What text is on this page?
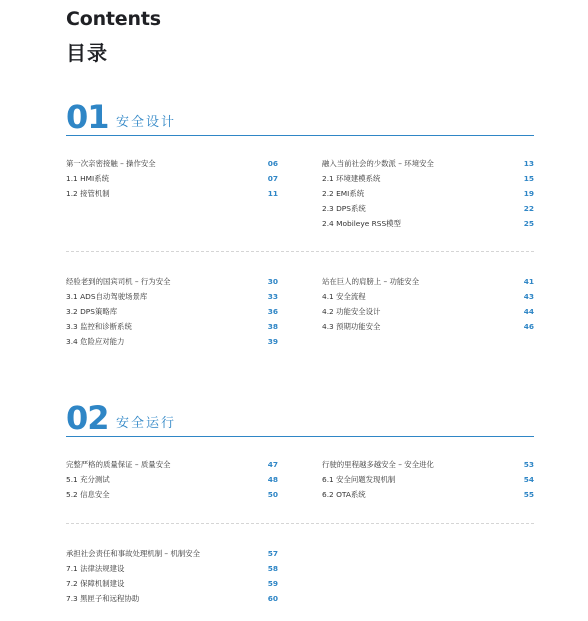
Contents
目录
01 安全设计
第一次亲密接触 – 操作安全	06
1.1 HMI系统	07
1.2 接管机制	11
融入当前社会的少数派 – 环境安全	13
2.1 环境建模系统	15
2.2 EMI系统	19
2.3 DPS系统	22
2.4 Mobileye RSS模型	25
经验老到的国宾司机 – 行为安全	30
3.1 ADS自动驾驶场景库	33
3.2 DPS策略库	36
3.3 监控和诊断系统	38
3.4 危险应对能力	39
站在巨人的肩膀上 – 功能安全	41
4.1 安全流程	43
4.2 功能安全设计	44
4.3 预期功能安全	46
02 安全运行
完整严格的质量保证 – 质量安全	47
5.1 充分测试	48
5.2 信息安全	50
行驶的里程越多越安全 – 安全进化	53
6.1 安全问题发现机制	54
6.2 OTA系统	55
承担社会责任和事故处理机制 – 机制安全	57
7.1 法律法规建设	58
7.2 保障机制建设	59
7.3 黑匣子和远程协助	60
